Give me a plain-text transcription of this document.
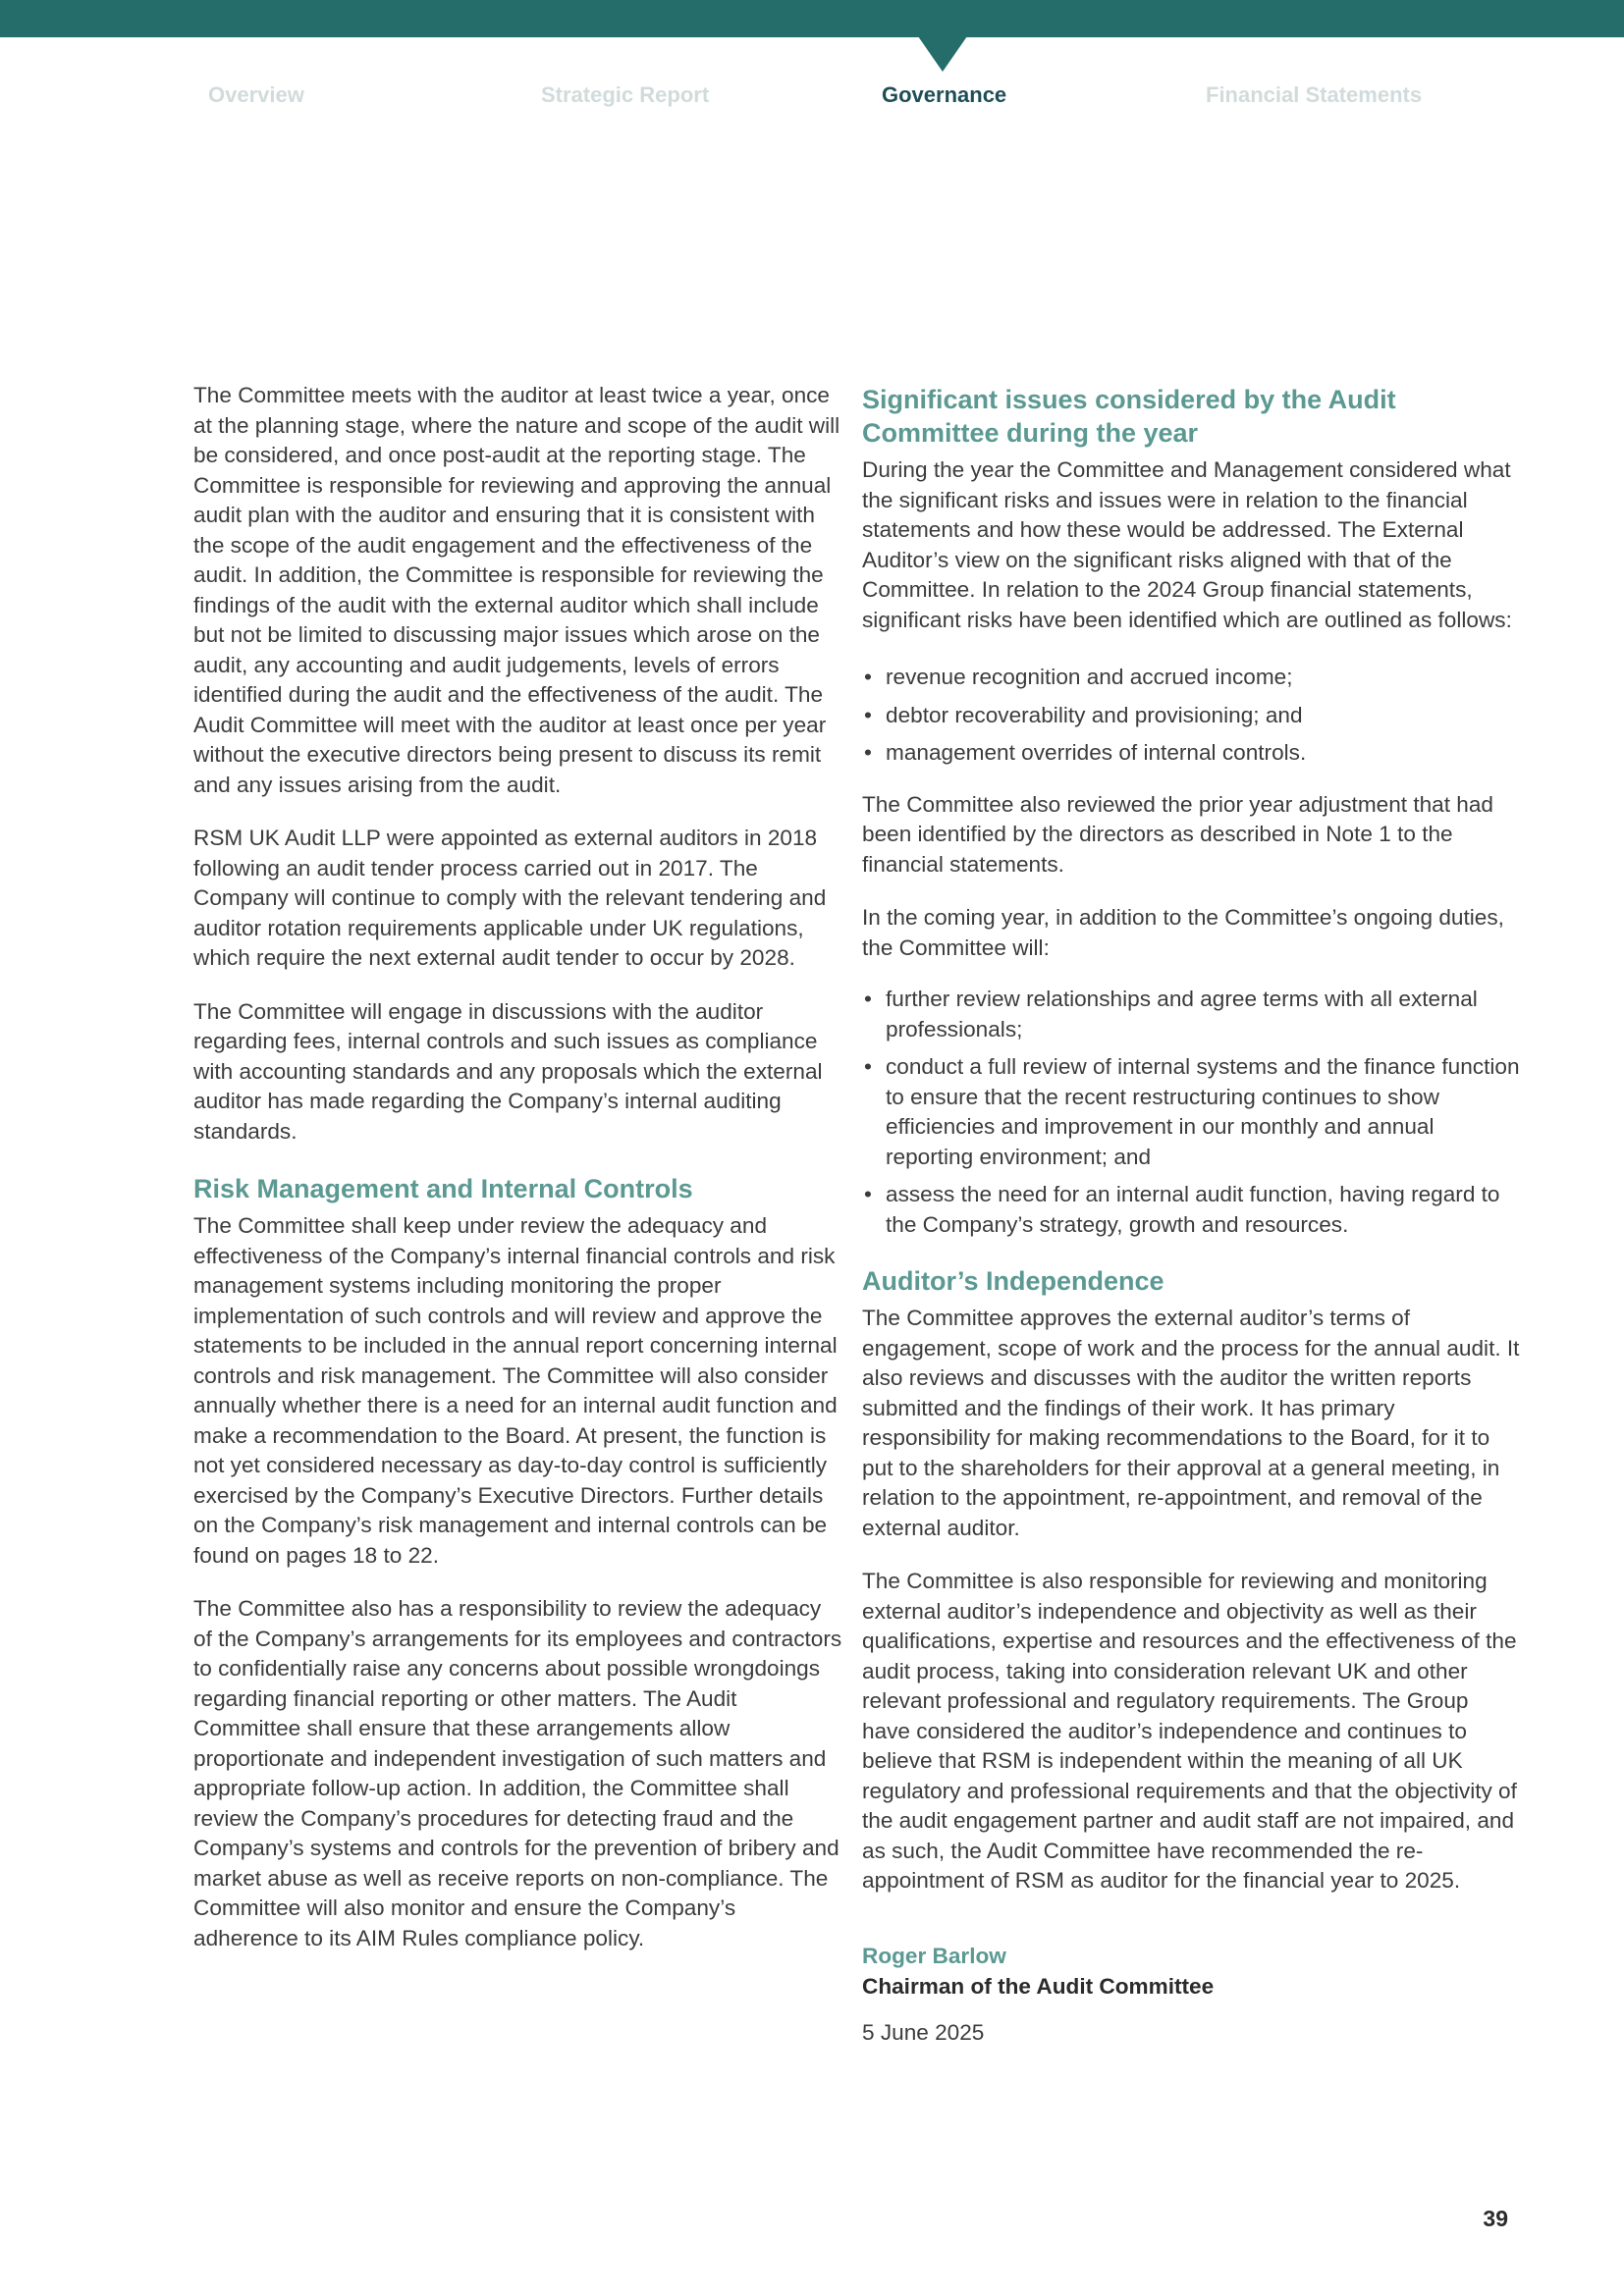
Overview	Strategic Report	Governance	Financial Statements

The Committee meets with the auditor at least twice a year, once at the planning stage, where the nature and scope of the audit will be considered, and once post-audit at the reporting stage. The Committee is responsible for reviewing and approving the annual audit plan with the auditor and ensuring that it is consistent with the scope of the audit engagement and the effectiveness of the audit. In addition, the Committee is responsible for reviewing the findings of the audit with the external auditor which shall include but not be limited to discussing major issues which arose on the audit, any accounting and audit judgements, levels of errors identified during the audit and the effectiveness of the audit. The Audit Committee will meet with the auditor at least once per year without the executive directors being present to discuss its remit and any issues arising from the audit.

RSM UK Audit LLP were appointed as external auditors in 2018 following an audit tender process carried out in 2017. The Company will continue to comply with the relevant tendering and auditor rotation requirements applicable under UK regulations, which require the next external audit tender to occur by 2028.

The Committee will engage in discussions with the auditor regarding fees, internal controls and such issues as compliance with accounting standards and any proposals which the external auditor has made regarding the Company’s internal auditing standards.

Risk Management and Internal Controls

The Committee shall keep under review the adequacy and effectiveness of the Company’s internal financial controls and risk management systems including monitoring the proper implementation of such controls and will review and approve the statements to be included in the annual report concerning internal controls and risk management. The Committee will also consider annually whether there is a need for an internal audit function and make a recommendation to the Board. At present, the function is not yet considered necessary as day-to-day control is sufficiently exercised by the Company’s Executive Directors. Further details on the Company’s risk management and internal controls can be found on pages 18 to 22.

The Committee also has a responsibility to review the adequacy of the Company’s arrangements for its employees and contractors to confidentially raise any concerns about possible wrongdoings regarding financial reporting or other matters. The Audit Committee shall ensure that these arrangements allow proportionate and independent investigation of such matters and appropriate follow-up action. In addition, the Committee shall review the Company’s procedures for detecting fraud and the Company’s systems and controls for the prevention of bribery and market abuse as well as receive reports on non-compliance. The Committee will also monitor and ensure the Company’s adherence to its AIM Rules compliance policy.

Significant issues considered by the Audit Committee during the year

During the year the Committee and Management considered what the significant risks and issues were in relation to the financial statements and how these would be addressed. The External Auditor’s view on the significant risks aligned with that of the Committee. In relation to the 2024 Group financial statements, significant risks have been identified which are outlined as follows:

• revenue recognition and accrued income;
• debtor recoverability and provisioning; and
• management overrides of internal controls.

The Committee also reviewed the prior year adjustment that had been identified by the directors as described in Note 1 to the financial statements.

In the coming year, in addition to the Committee’s ongoing duties, the Committee will:

• further review relationships and agree terms with all external professionals;
• conduct a full review of internal systems and the finance function to ensure that the recent restructuring continues to show efficiencies and improvement in our monthly and annual reporting environment; and
• assess the need for an internal audit function, having regard to the Company’s strategy, growth and resources.
Auditor’s Independence

The Committee approves the external auditor’s terms of engagement, scope of work and the process for the annual audit. It also reviews and discusses with the auditor the written reports submitted and the findings of their work. It has primary responsibility for making recommendations to the Board, for it to put to the shareholders for their approval at a general meeting, in relation to the appointment, re-appointment, and removal of the external auditor.

The Committee is also responsible for reviewing and monitoring external auditor’s independence and objectivity as well as their qualifications, expertise and resources and the effectiveness of the audit process, taking into consideration relevant UK and other relevant professional and regulatory requirements. The Group have considered the auditor’s independence and continues to believe that RSM is independent within the meaning of all UK regulatory and professional requirements and that the objectivity of the audit engagement partner and audit staff are not impaired, and as such, the Audit Committee have recommended the re-appointment of RSM as auditor for the financial year to 2025.

Roger Barlow
Chairman of the Audit Committee
5 June 2025
39
